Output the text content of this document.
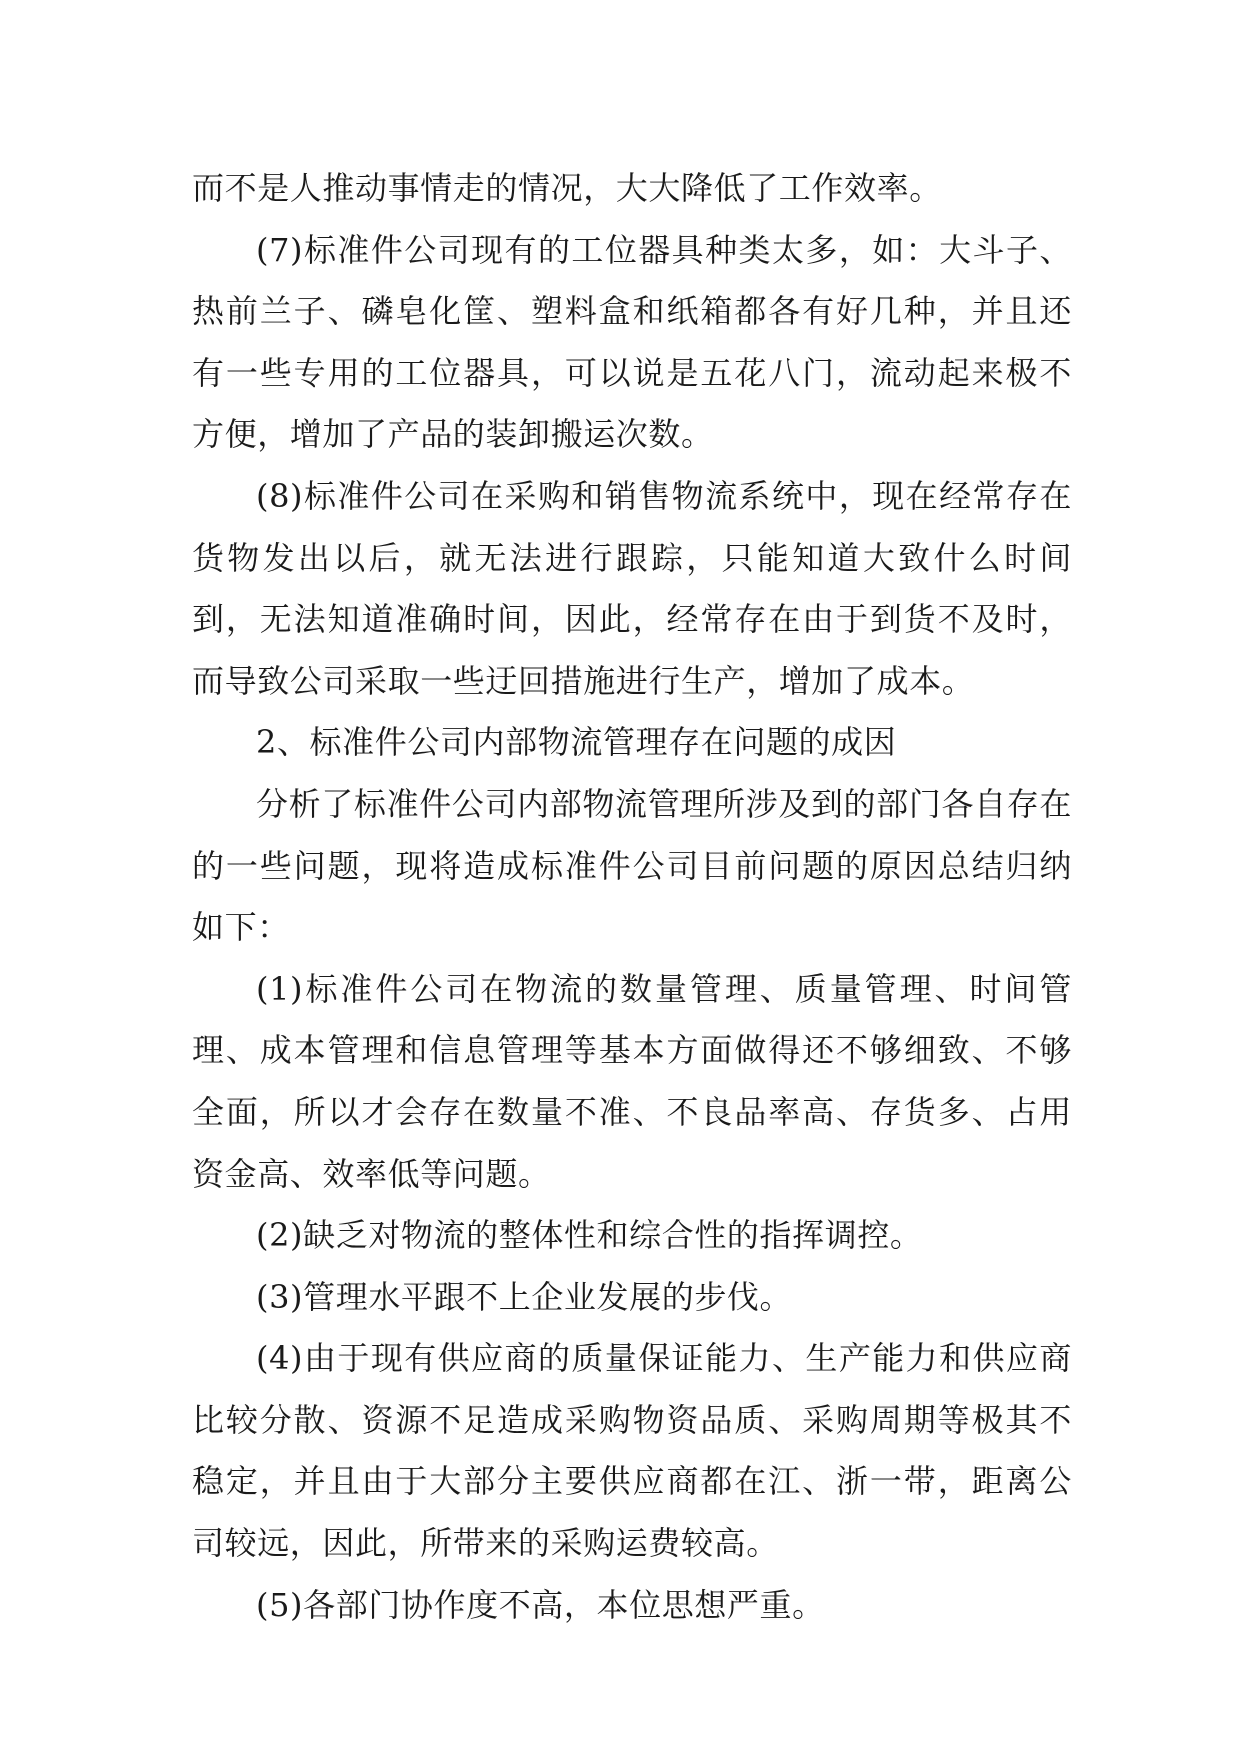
而不是人推动事情走的情况，大大降低了工作效率。

(7)标准件公司现有的工位器具种类太多，如：大斗子、热前兰子、磷皂化筐、塑料盒和纸箱都各有好几种，并且还有一些专用的工位器具，可以说是五花八门，流动起来极不方便，增加了产品的装卸搬运次数。

(8)标准件公司在采购和销售物流系统中，现在经常存在货物发出以后，就无法进行跟踪，只能知道大致什么时间到，无法知道准确时间，因此，经常存在由于到货不及时，而导致公司采取一些迂回措施进行生产，增加了成本。

2、标准件公司内部物流管理存在问题的成因

分析了标准件公司内部物流管理所涉及到的部门各自存在的一些问题，现将造成标准件公司目前问题的原因总结归纳如下：

(1)标准件公司在物流的数量管理、质量管理、时间管理、成本管理和信息管理等基本方面做得还不够细致、不够全面，所以才会存在数量不准、不良品率高、存货多、占用资金高、效率低等问题。

(2)缺乏对物流的整体性和综合性的指挥调控。

(3)管理水平跟不上企业发展的步伐。

(4)由于现有供应商的质量保证能力、生产能力和供应商比较分散、资源不足造成采购物资品质、采购周期等极其不稳定，并且由于大部分主要供应商都在江、浙一带，距离公司较远，因此，所带来的采购运费较高。

(5)各部门协作度不高，本位思想严重。
